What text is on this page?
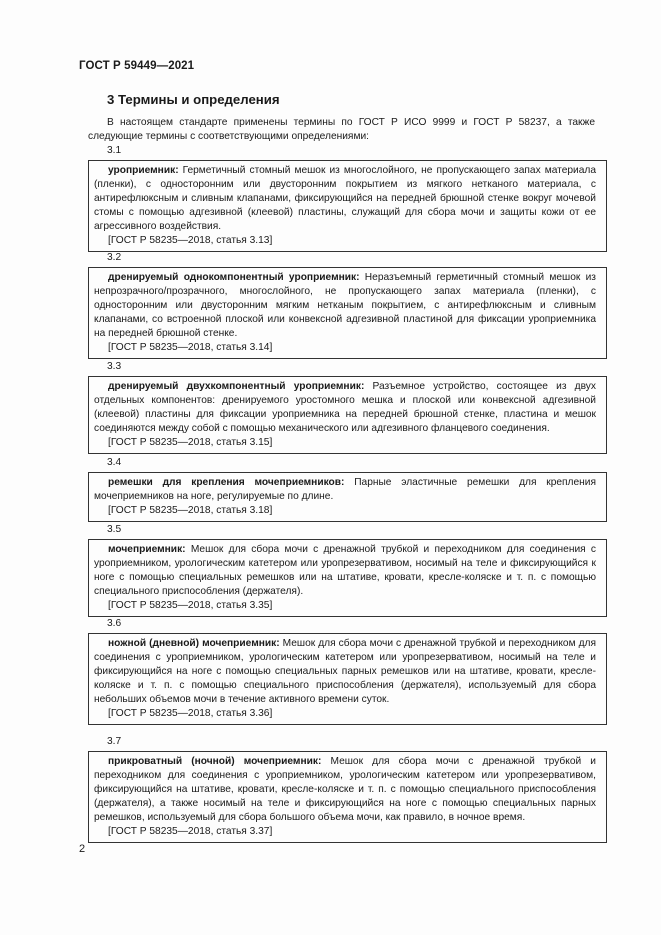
ГОСТ Р 59449—2021
3 Термины и определения
В настоящем стандарте применены термины по ГОСТ Р ИСО 9999 и ГОСТ Р 58237, а также следующие термины с соответствующими определениями:
3.1

уроприемник: Герметичный стомный мешок из многослойного, не пропускающего запах материала (пленки), с односторонним или двусторонним покрытием из мягкого нетканого материала, с антирефлюксным и сливным клапанами, фиксирующийся на передней брюшной стенке вокруг мочевой стомы с помощью адгезивной (клеевой) пластины, служащий для сбора мочи и защиты кожи от ее агрессивного воздействия.

[ГОСТ Р 58235—2018, статья 3.13]
3.2

дренируемый однокомпонентный уроприемник: Неразъемный герметичный стомный мешок из непрозрачного/прозрачного, многослойного, не пропускающего запах материала (пленки), с односторонним или двусторонним мягким нетканым покрытием, с антирефлюксным и сливным клапанами, со встроенной плоской или конвексной адгезивной пластиной для фиксации уроприемника на передней брюшной стенке.

[ГОСТ Р 58235—2018, статья 3.14]
3.3

дренируемый двухкомпонентный уроприемник: Разъемное устройство, состоящее из двух отдельных компонентов: дренируемого уростомного мешка и плоской или конвексной адгезивной (клеевой) пластины для фиксации уроприемника на передней брюшной стенке, пластина и мешок соединяются между собой с помощью механического или адгезивного фланцевого соединения.

[ГОСТ Р 58235—2018, статья 3.15]
3.4

ремешки для крепления мочеприемников: Парные эластичные ремешки для крепления мочеприемников на ноге, регулируемые по длине.

[ГОСТ Р 58235—2018, статья 3.18]
3.5

мочеприемник: Мешок для сбора мочи с дренажной трубкой и переходником для соединения с уроприемником, урологическим катетером или уропрезервативом, носимый на теле и фиксирующийся к ноге с помощью специальных ремешков или на штативе, кровати, кресле-коляске и т. п. с помощью специального приспособления (держателя).

[ГОСТ Р 58235—2018, статья 3.35]
3.6

ножной (дневной) мочеприемник: Мешок для сбора мочи с дренажной трубкой и переходником для соединения с уроприемником, урологическим катетером или уропрезервативом, носимый на теле и фиксирующийся на ноге с помощью специальных парных ремешков или на штативе, кровати, кресле-коляске и т. п. с помощью специального приспособления (держателя), используемый для сбора небольших объемов мочи в течение активного времени суток.

[ГОСТ Р 58235—2018, статья 3.36]
3.7

прикроватный (ночной) мочеприемник: Мешок для сбора мочи с дренажной трубкой и переходником для соединения с уроприемником, урологическим катетером или уропрезервативом, фиксирующийся на штативе, кровати, кресле-коляске и т. п. с помощью специального приспособления (держателя), а также носимый на теле и фиксирующийся на ноге с помощью специальных парных ремешков, используемый для сбора большого объема мочи, как правило, в ночное время.

[ГОСТ Р 58235—2018, статья 3.37]
2
